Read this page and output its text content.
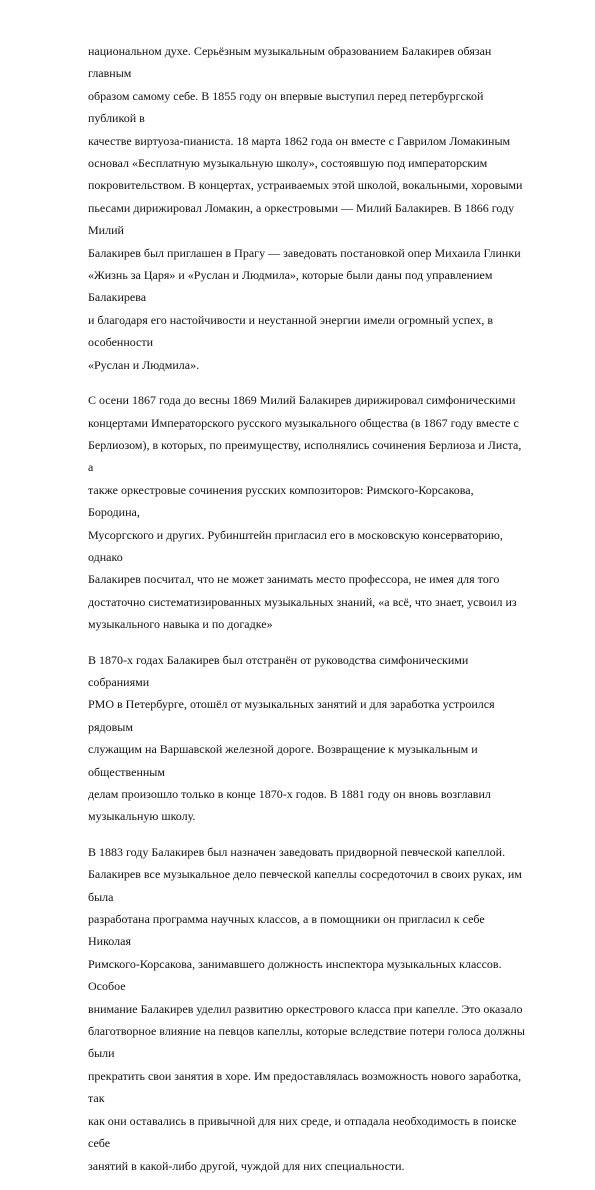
национальном духе. Серьёзным музыкальным образованием Балакирев обязан главным
образом самому себе. В 1855 году он впервые выступил перед петербургской публикой в
качестве виртуоза-пианиста. 18 марта 1862 года он вместе с Гаврилом Ломакиным
основал «Бесплатную музыкальную школу», состоявшую под императорским
покровительством. В концертах, устраиваемых этой школой, вокальными, хоровыми
пьесами дирижировал Ломакин, а оркестровыми — Милий Балакирев. В 1866 году Милий
Балакирев был приглашен в Прагу — заведовать постановкой опер Михаила Глинки
«Жизнь за Царя» и «Руслан и Людмила», которые были даны под управлением Балакирева
и благодаря его настойчивости и неустанной энергии имели огромный успех, в особенности
«Руслан и Людмила».

С осени 1867 года до весны 1869 Милий Балакирев дирижировал симфоническими
концертами Императорского русского музыкального общества (в 1867 году вместе с
Берлиозом), в которых, по преимуществу, исполнялись сочинения Берлиоза и Листа, а
также оркестровые сочинения русских композиторов: Римского-Корсакова, Бородина,
Мусоргского и других. Рубинштейн пригласил его в московскую консерваторию, однако
Балакирев посчитал, что не может занимать место профессора, не имея для того
достаточно систематизированных музыкальных знаний, «а всё, что знает, усвоил из
музыкального навыка и по догадке»

В 1870-х годах Балакирев был отстранён от руководства симфоническими собраниями
РМО в Петербурге, отошёл от музыкальных занятий и для заработка устроился рядовым
служащим на Варшавской железной дороге. Возвращение к музыкальным и общественным
делам произошло только в конце 1870-х годов. В 1881 году он вновь возглавил
музыкальную школу.

В 1883 году Балакирев был назначен заведовать придворной певческой капеллой.
Балакирев все музыкальное дело певческой капеллы сосредоточил в своих руках, им была
разработана программа научных классов, а в помощники он пригласил к себе Николая
Римского-Корсакова, занимавшего должность инспектора музыкальных классов. Особое
внимание Балакирев уделил развитию оркестрового класса при капелле. Это оказало
благотворное влияние на певцов капеллы, которые вследствие потери голоса должны были
прекратить свои занятия в хоре. Им предоставлялась возможность нового заработка, так
как они оставались в привычной для них среде, и отпадала необходимость в поиске себе
занятий в какой-либо другой, чуждой для них специальности.
